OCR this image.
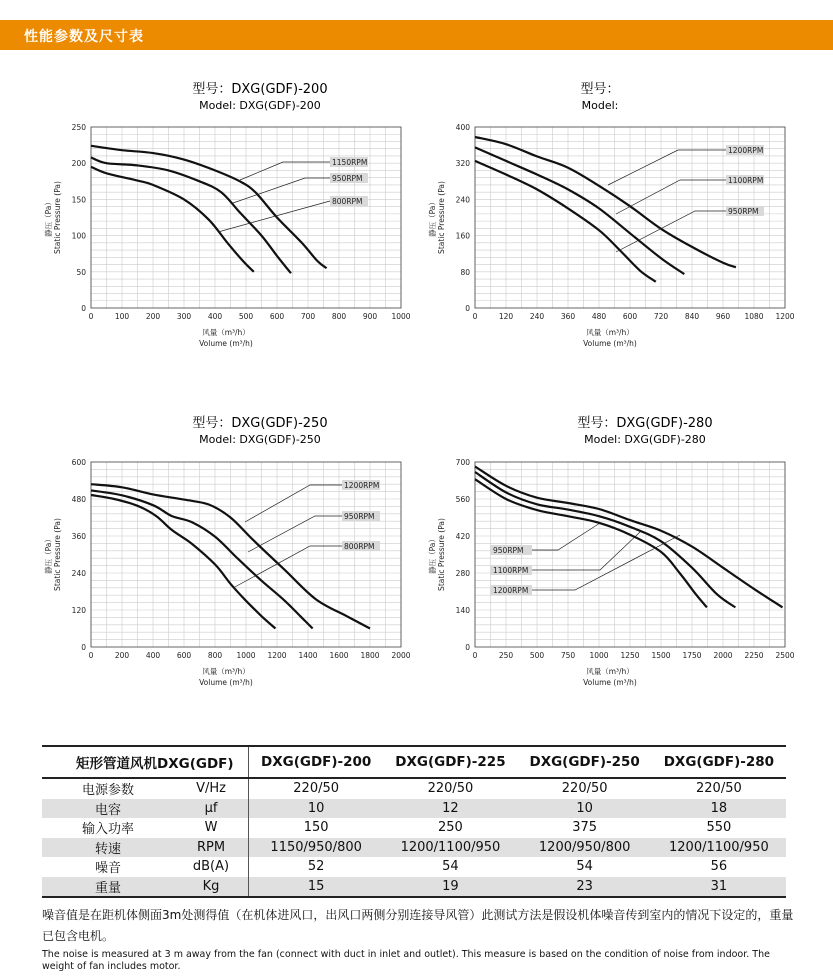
性能参数及尺寸表
型号：DXG(GDF)-200
Model: DXG(GDF)-200
0	100 200 300 400 500 600 700 800 900 1000
0
50
100
150
200
250
静压（Pa） Static Pressure (Pa)
风量（m³/h）
Volume (m³/h)
1150RPM
950RPM
800RPM
型号：
Model:
0	120 240 360 480 600 720 840 960 1080 1200
0
80
160
240
320
400
静压（Pa） Static Pressure (Pa)
风量（m³/h）
Volume (m³/h)
1200RPM
1100RPM
950RPM
型号：DXG(GDF)-250
Model: DXG(GDF)-250
0	200 400 600 800 1000 1200 1400 1600 1800 2000
0
120
240
360
480
600
静压（Pa） Static Pressure (Pa)
风量（m³/h）
Volume (m³/h)
1200RPM
950RPM
800RPM
型号：DXG(GDF)-280
Model: DXG(GDF)-280
0	250 500 750 1000 1250 1500 1750 2000 2250 2500
0
140
280
420
560
700
静压（Pa） Static Pressure (Pa)
风量（m³/h）
Volume (m³/h)
950RPM
1100RPM
1200RPM
矩形管道风机DXG(GDF)		DXG(GDF)-200	DXG(GDF)-225	DXG(GDF)-250	DXG(GDF)-280
电源参数	V/Hz	220/50	220/50	220/50	220/50
电容	μf	10	12	10	18
输入功率	W	150	250	375	550
转速	RPM	1150/950/800	1200/1100/950	1200/950/800	1200/1100/950
噪音	dB(A)	52	54	54	56
重量	Kg	15	19	23	31
噪音值是在距机体侧面3m处测得值（在机体进风口，出风口两侧分别连接导风管）此测试方法是假设机体噪音传到室内的情况下设定的，重量已包含电机。
The noise is measured at 3 m away from the fan (connect with duct in inlet and outlet). This measure is based on the condition of noise from indoor. The weight of fan includes motor.
